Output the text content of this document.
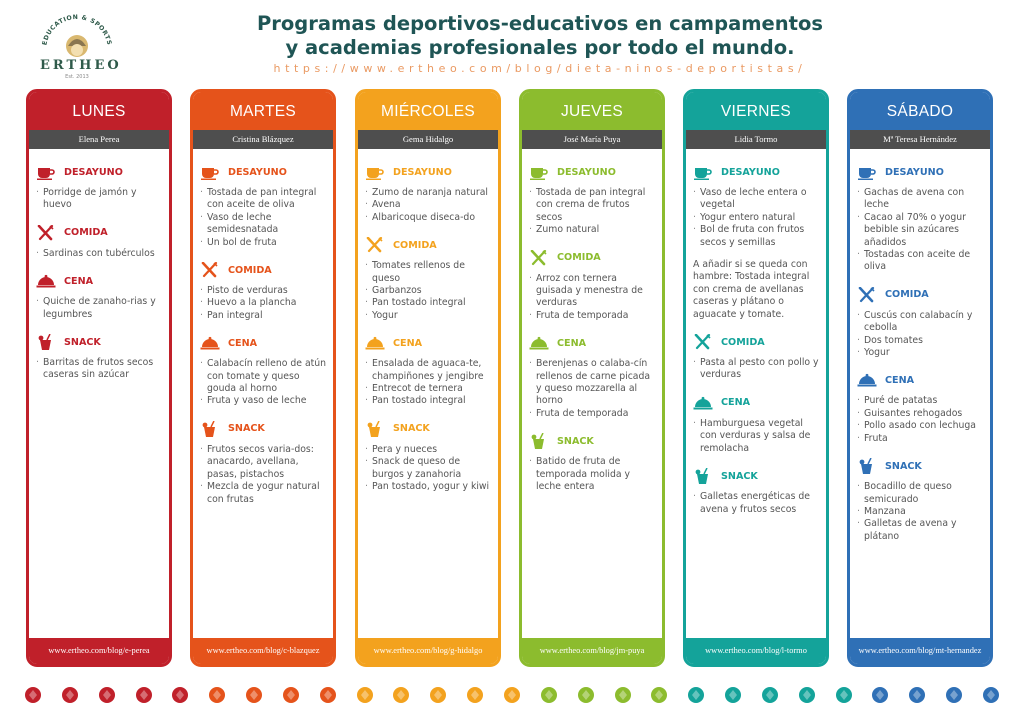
EDUCATION & SPORTS
ERTHEO
Est. 2013
Programas deportivos-educativos en campamentos
y academias profesionales por todo el mundo.
https://www.ertheo.com/blog/dieta-ninos-deportistas/
LUNES
Elena Perea
DESAYUNO
· Porridge de jamón y huevo
COMIDA
· Sardinas con tubérculos
CENA
· Quiche de zanaho-rias y legumbres
SNACK
· Barritas de frutos secos caseras sin azúcar
www.ertheo.com/blog/e-perea
MARTES
Cristina Blázquez
DESAYUNO
· Tostada de pan integral con aceite de oliva
· Vaso de leche semidesnatada
· Un bol de fruta
COMIDA
· Pisto de verduras
· Huevo a la plancha
· Pan integral
CENA
· Calabacín relleno de atún con tomate y queso gouda al horno
· Fruta y vaso de leche
SNACK
· Frutos secos varia-dos: anacardo, avellana, pasas, pistachos
· Mezcla de yogur natural con frutas
www.ertheo.com/blog/c-blazquez
MIÉRCOLES
Gema Hidalgo
DESAYUNO
· Zumo de naranja natural
· Avena
· Albaricoque diseca-do
COMIDA
· Tomates rellenos de queso
· Garbanzos
· Pan tostado integral
· Yogur
CENA
· Ensalada de aguaca-te, champiñones y jengibre
· Entrecot de ternera
· Pan tostado integral
SNACK
· Pera y nueces
· Snack de queso de burgos y zanahoria
· Pan tostado, yogur y kiwi
www.ertheo.com/blog/g-hidalgo
JUEVES
José María Puya
DESAYUNO
· Tostada de pan integral con crema de frutos secos
· Zumo natural
COMIDA
· Arroz con ternera guisada y menestra de verduras
· Fruta de temporada
CENA
· Berenjenas o calaba-cín rellenos de carne picada y queso mozzarella al horno
· Fruta de temporada
SNACK
· Batido de fruta de temporada molida y leche entera
www.ertheo.com/blog/jm-puya
VIERNES
Lidia Tormo
DESAYUNO
· Vaso de leche entera o vegetal
· Yogur entero natural
· Bol de fruta con frutos secos y semillas
A añadir si se queda con hambre: Tostada integral con crema de avellanas caseras y plátano o aguacate y tomate.
COMIDA
· Pasta al pesto con pollo y verduras
CENA
· Hamburguesa vegetal con verduras y salsa de remolacha
SNACK
· Galletas energéticas de avena y frutos secos
www.ertheo.com/blog/l-tormo
SÁBADO
Mª Teresa Hernández
DESAYUNO
· Gachas de avena con leche
· Cacao al 70% o yogur bebible sin azúcares añadidos
· Tostadas con aceite de oliva
COMIDA
· Cuscús con calabacín y cebolla
· Dos tomates
· Yogur
CENA
· Puré de patatas
· Guisantes rehogados
· Pollo asado con lechuga
· Fruta
SNACK
· Bocadillo de queso semicurado
· Manzana
· Galletas de avena y plátano
www.ertheo.com/blog/mt-hernandez
